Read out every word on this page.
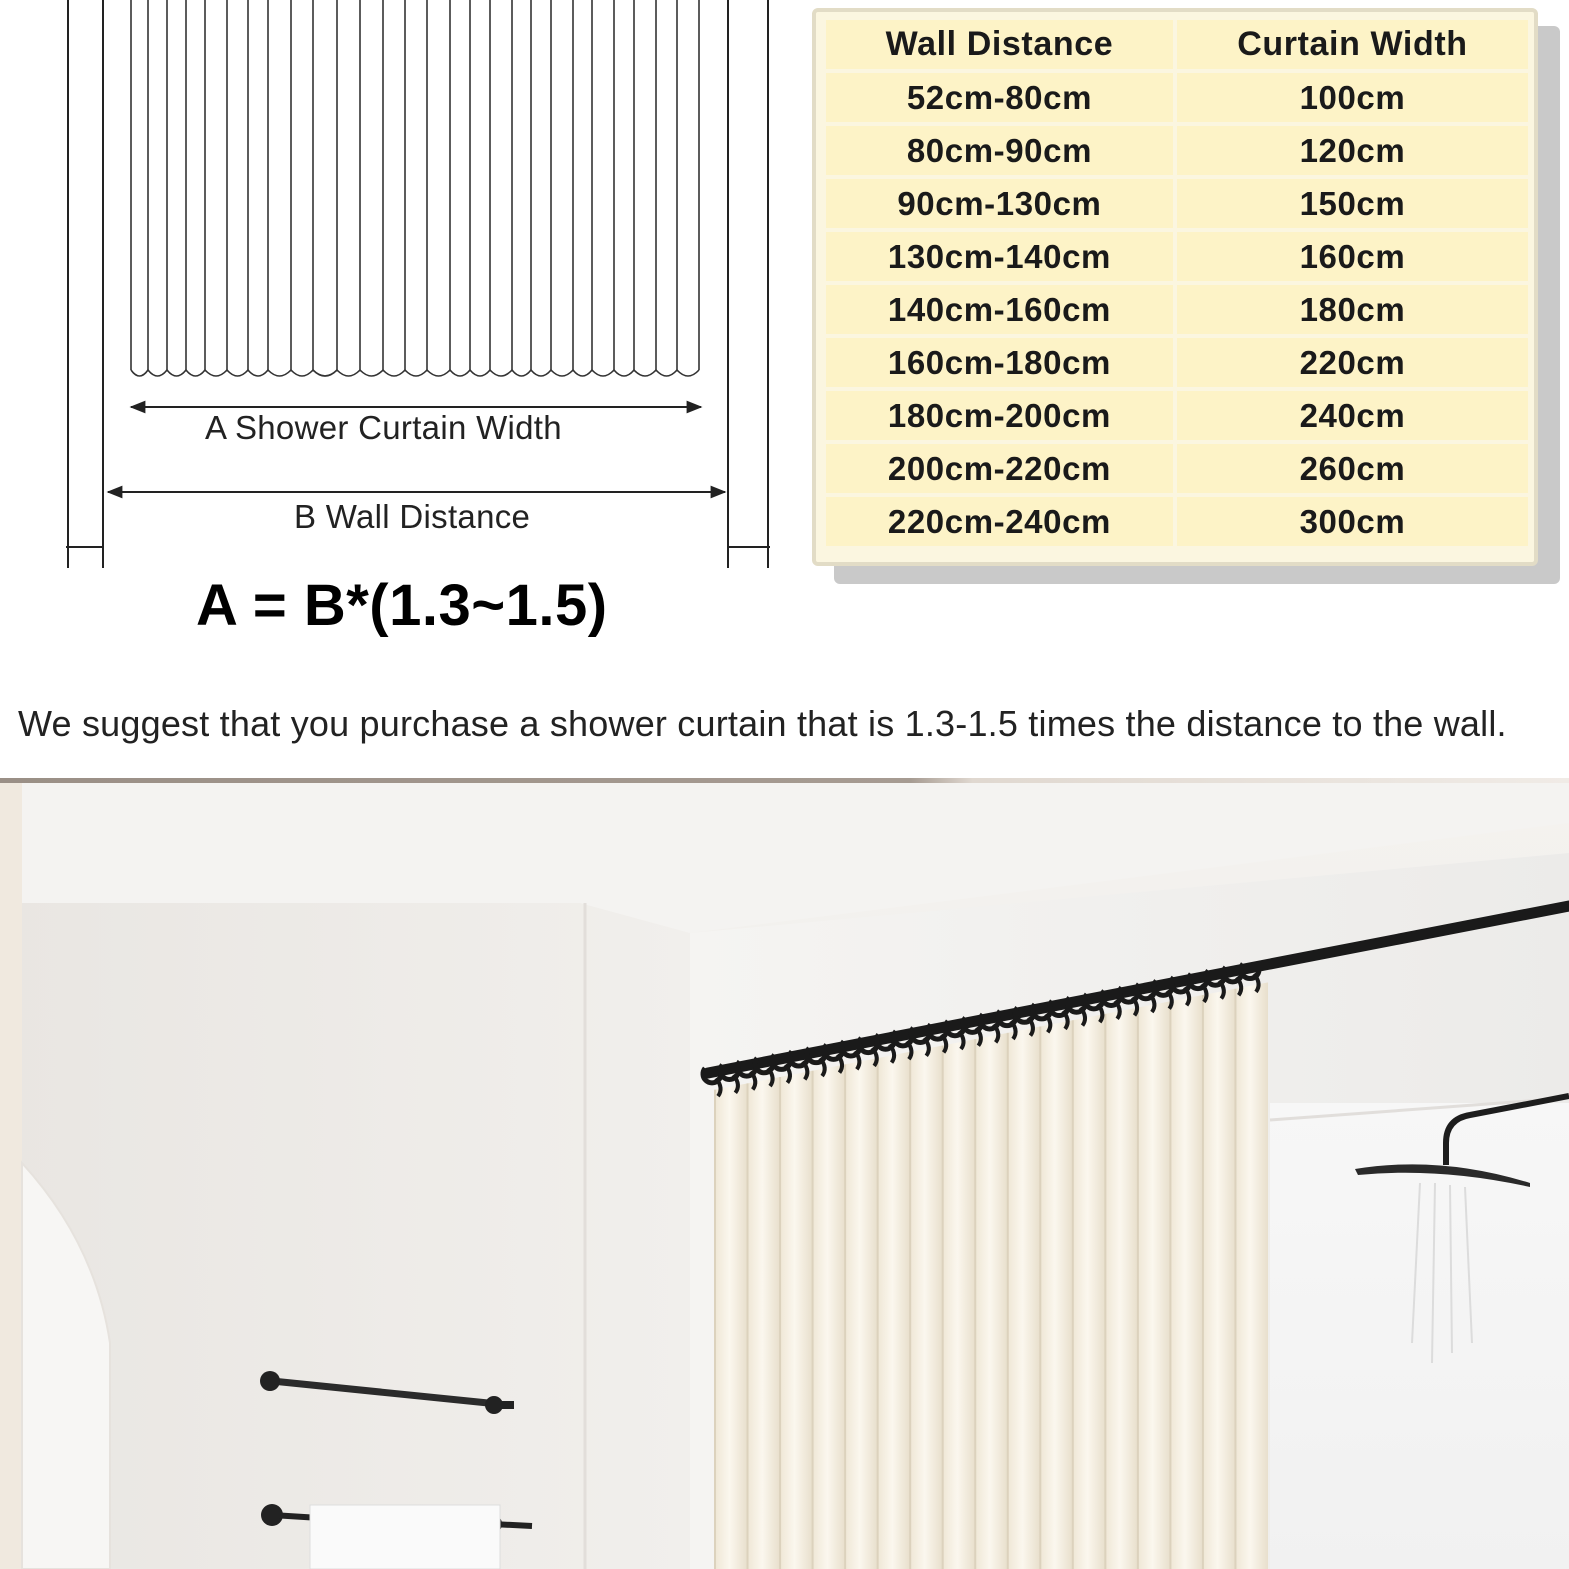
A Shower Curtain Width
B Wall Distance
A = B*(1.3~1.5)
Wall Distance	Curtain Width
52cm-80cm	100cm
80cm-90cm	120cm
90cm-130cm	150cm
130cm-140cm	160cm
140cm-160cm	180cm
160cm-180cm	220cm
180cm-200cm	240cm
200cm-220cm	260cm
220cm-240cm	300cm
We suggest that you purchase a shower curtain that is 1.3-1.5 times the distance to the wall.
